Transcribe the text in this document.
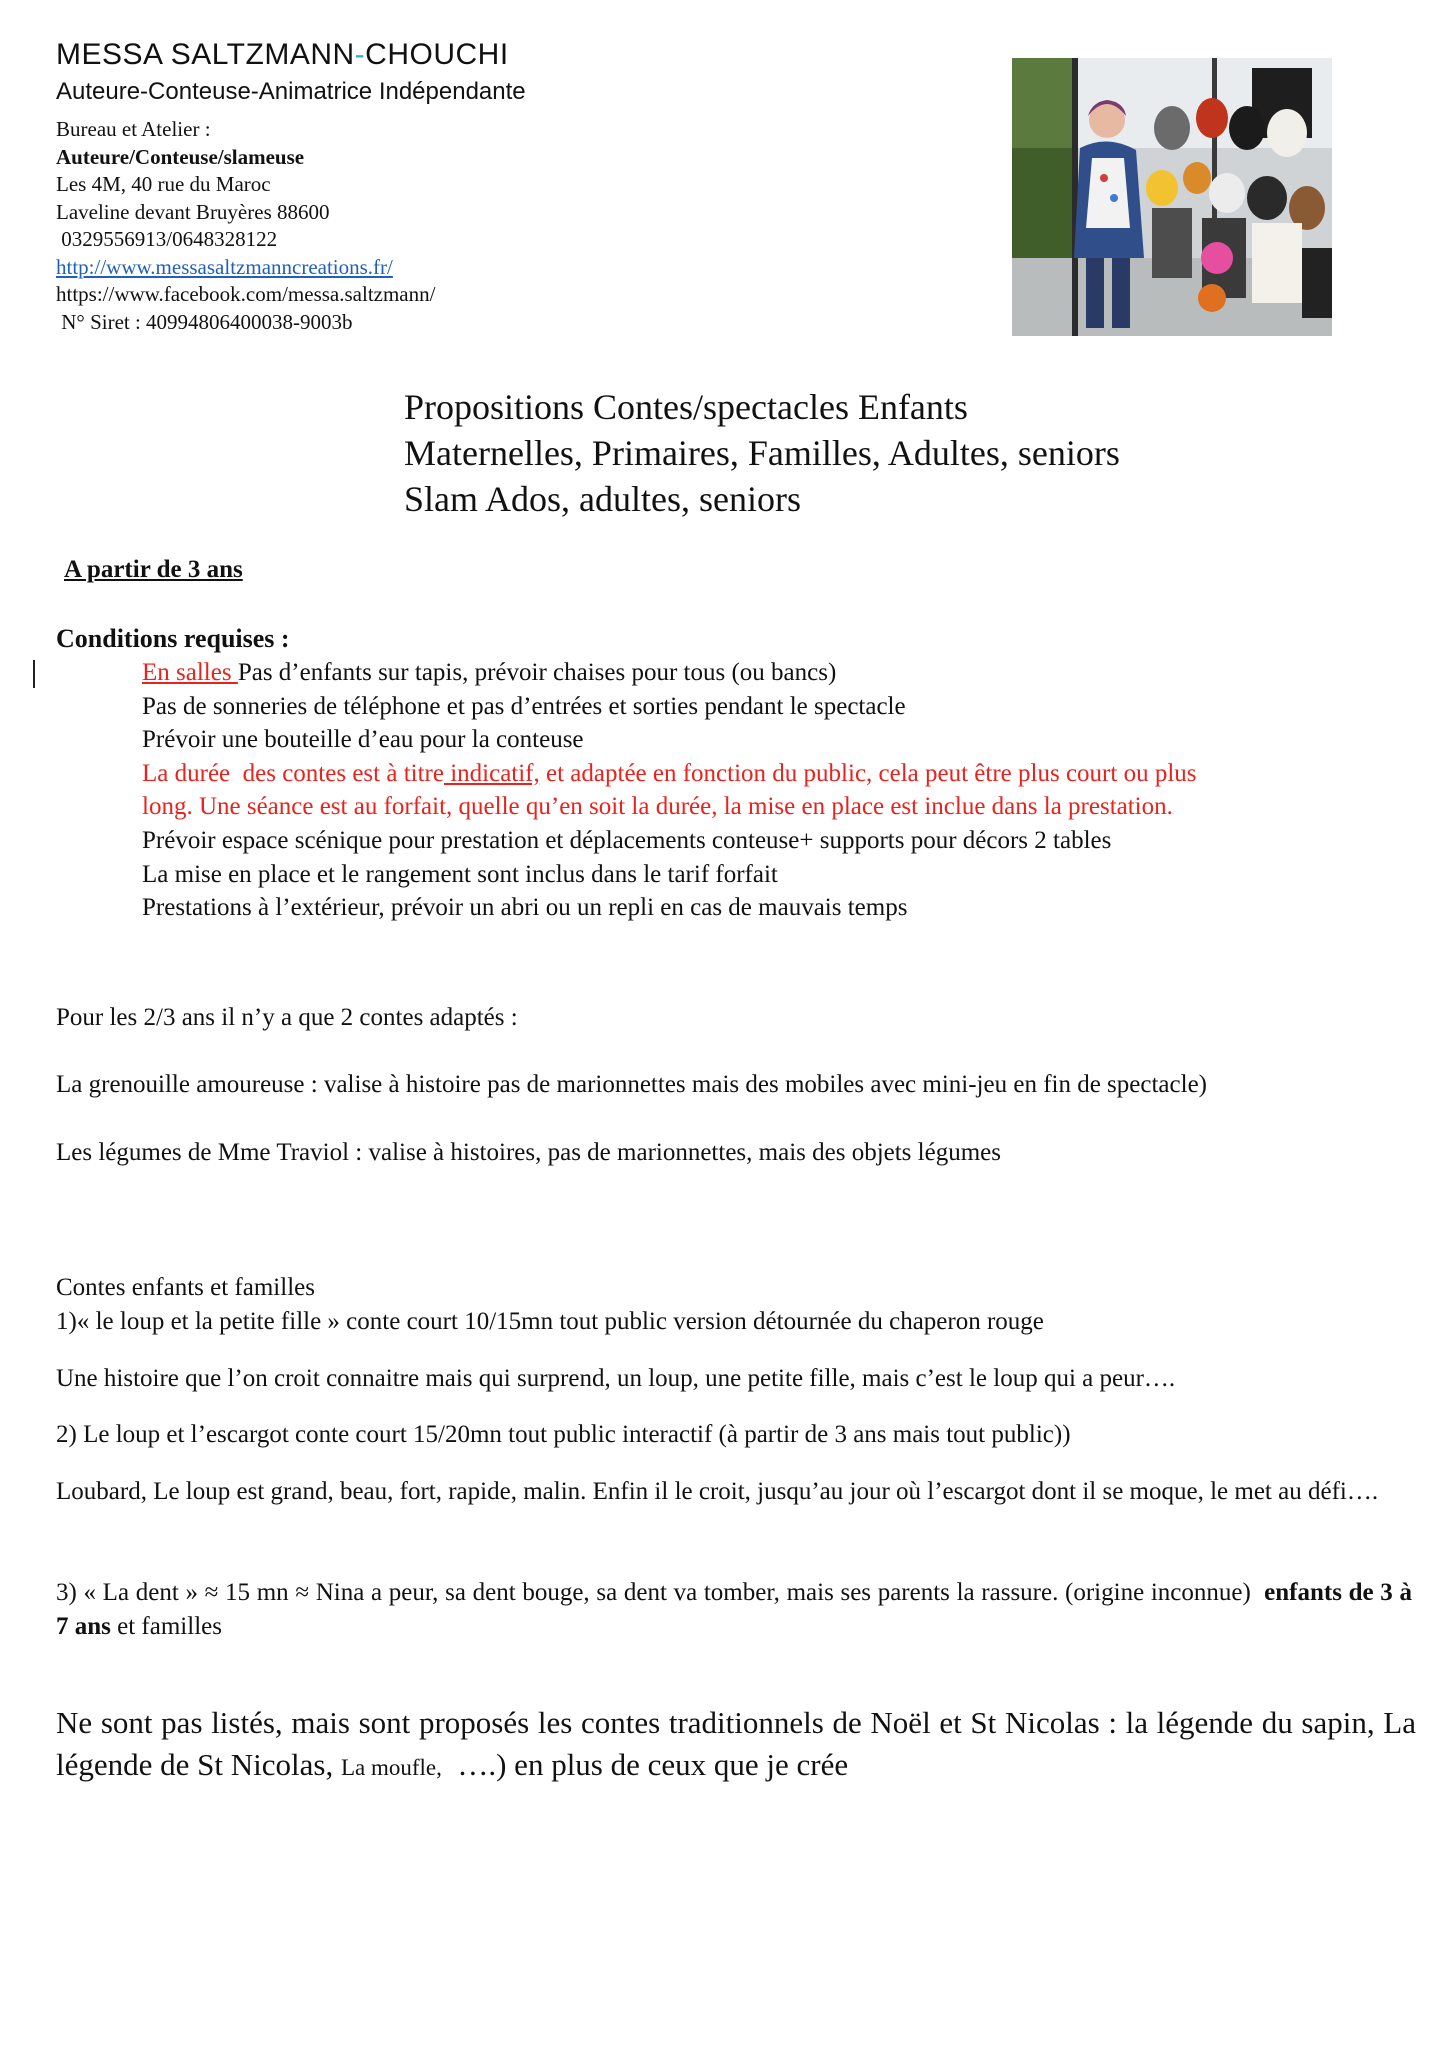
MESSA SALTZMANN-CHOUCHI
Auteure-Conteuse-Animatrice Indépendante
Bureau et Atelier :
Auteure/Conteuse/slameuse
Les 4M, 40 rue du Maroc
Laveline devant Bruyères 88600
0329556913/0648328122
http://www.messasaltzmanncreations.fr/
https://www.facebook.com/messa.saltzmann/
N° Siret : 40994806400038-9003b
Propositions Contes/spectacles Enfants
Maternelles, Primaires, Familles, Adultes, seniors
Slam Ados, adultes, seniors
A partir de 3 ans
Conditions requises :
En salles Pas d’enfants sur tapis, prévoir chaises pour tous (ou bancs)
Pas de sonneries de téléphone et pas d’entrées et sorties pendant le spectacle
Prévoir une bouteille d’eau pour la conteuse
La durée  des contes est à titre indicatif, et adaptée en fonction du public, cela peut être plus court ou plus
long. Une séance est au forfait, quelle qu’en soit la durée, la mise en place est inclue dans la prestation.
Prévoir espace scénique pour prestation et déplacements conteuse+ supports pour décors 2 tables
La mise en place et le rangement sont inclus dans le tarif forfait
Prestations à l’extérieur, prévoir un abri ou un repli en cas de mauvais temps
Pour les 2/3 ans il n’y a que 2 contes adaptés :
La grenouille amoureuse : valise à histoire pas de marionnettes mais des mobiles avec mini-jeu en fin de spectacle)
Les légumes de Mme Traviol : valise à histoires, pas de marionnettes, mais des objets légumes
Contes enfants et familles
1)« le loup et la petite fille » conte court 10/15mn tout public version détournée du chaperon rouge
Une histoire que l’on croit connaitre mais qui surprend, un loup, une petite fille, mais c’est le loup qui a peur….
2) Le loup et l’escargot conte court 15/20mn tout public interactif (à partir de 3 ans mais tout public))
Loubard, Le loup est grand, beau, fort, rapide, malin. Enfin il le croit, jusqu’au jour où l’escargot dont il se moque, le met au défi….
3) « La dent » ≈ 15 mn ≈ Nina a peur, sa dent bouge, sa dent va tomber, mais ses parents la rassure. (origine inconnue)  enfants de 3 à 7 ans et familles
Ne sont pas listés, mais sont proposés les contes traditionnels de Noël et St Nicolas : la légende du sapin, La légende de St Nicolas, La moufle,  ….) en plus de ceux que je crée
